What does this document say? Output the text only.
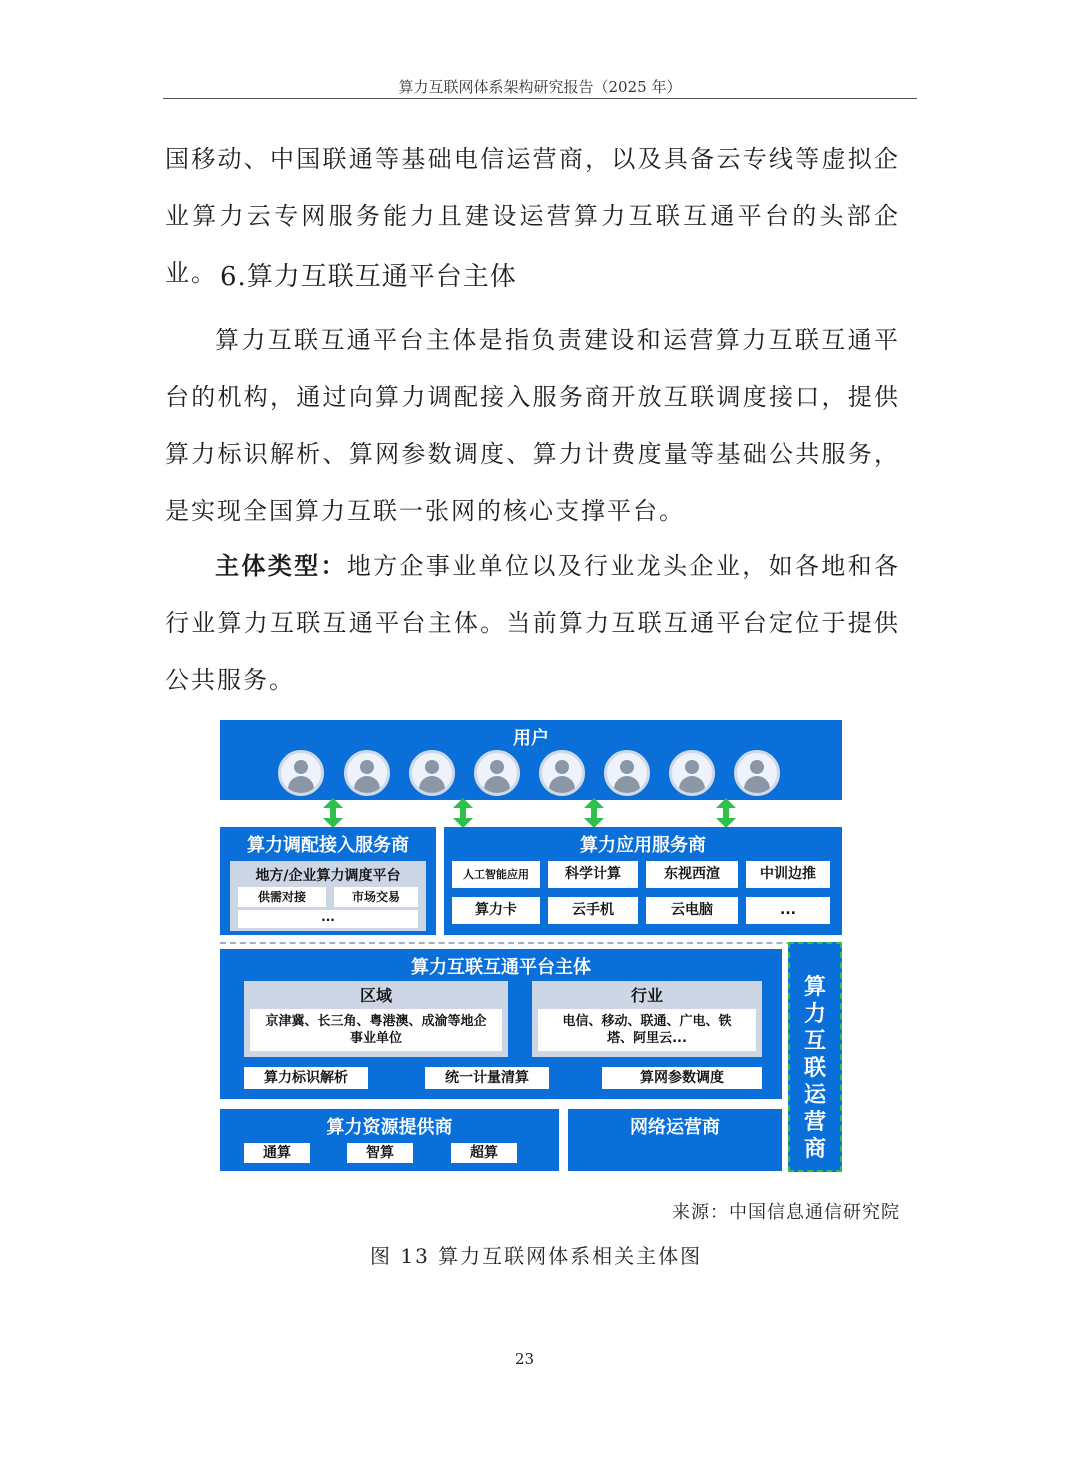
算力互联网体系架构研究报告（2025 年）

国移动、中国联通等基础电信运营商，以及具备云专线等虚拟企业算力云专网服务能力且建设运营算力互联互通平台的头部企业。 6.算力互联互通平台主体

算力互联互通平台主体是指负责建设和运营算力互联互通平台的机构，通过向算力调配接入服务商开放互联调度接口，提供算力标识解析、算网参数调度、算力计费度量等基础公共服务，是实现全国算力互联一张网的核心支撑平台。

主体类型：地方企事业单位以及行业龙头企业，如各地和各行业算力互联互通平台主体。当前算力互联互通平台定位于提供公共服务。

用户
算力调配接入服务商
地方/企业算力调度平台
供需对接	市场交易
...
算力应用服务商
人工智能应用	科学计算	东视西渲	中训边推
算力卡	云手机	云电脑	...
算力互联互通平台主体
区域
京津冀、长三角、粤港澳、成渝等地企事业单位
行业
电信、移动、联通、广电、铁塔、阿里云...
算力标识解析	统一计量清算	算网参数调度
算力互联运营商
算力资源提供商
通算	智算	超算
网络运营商
来源：中国信息通信研究院
图 13 算力互联网体系相关主体图
23
